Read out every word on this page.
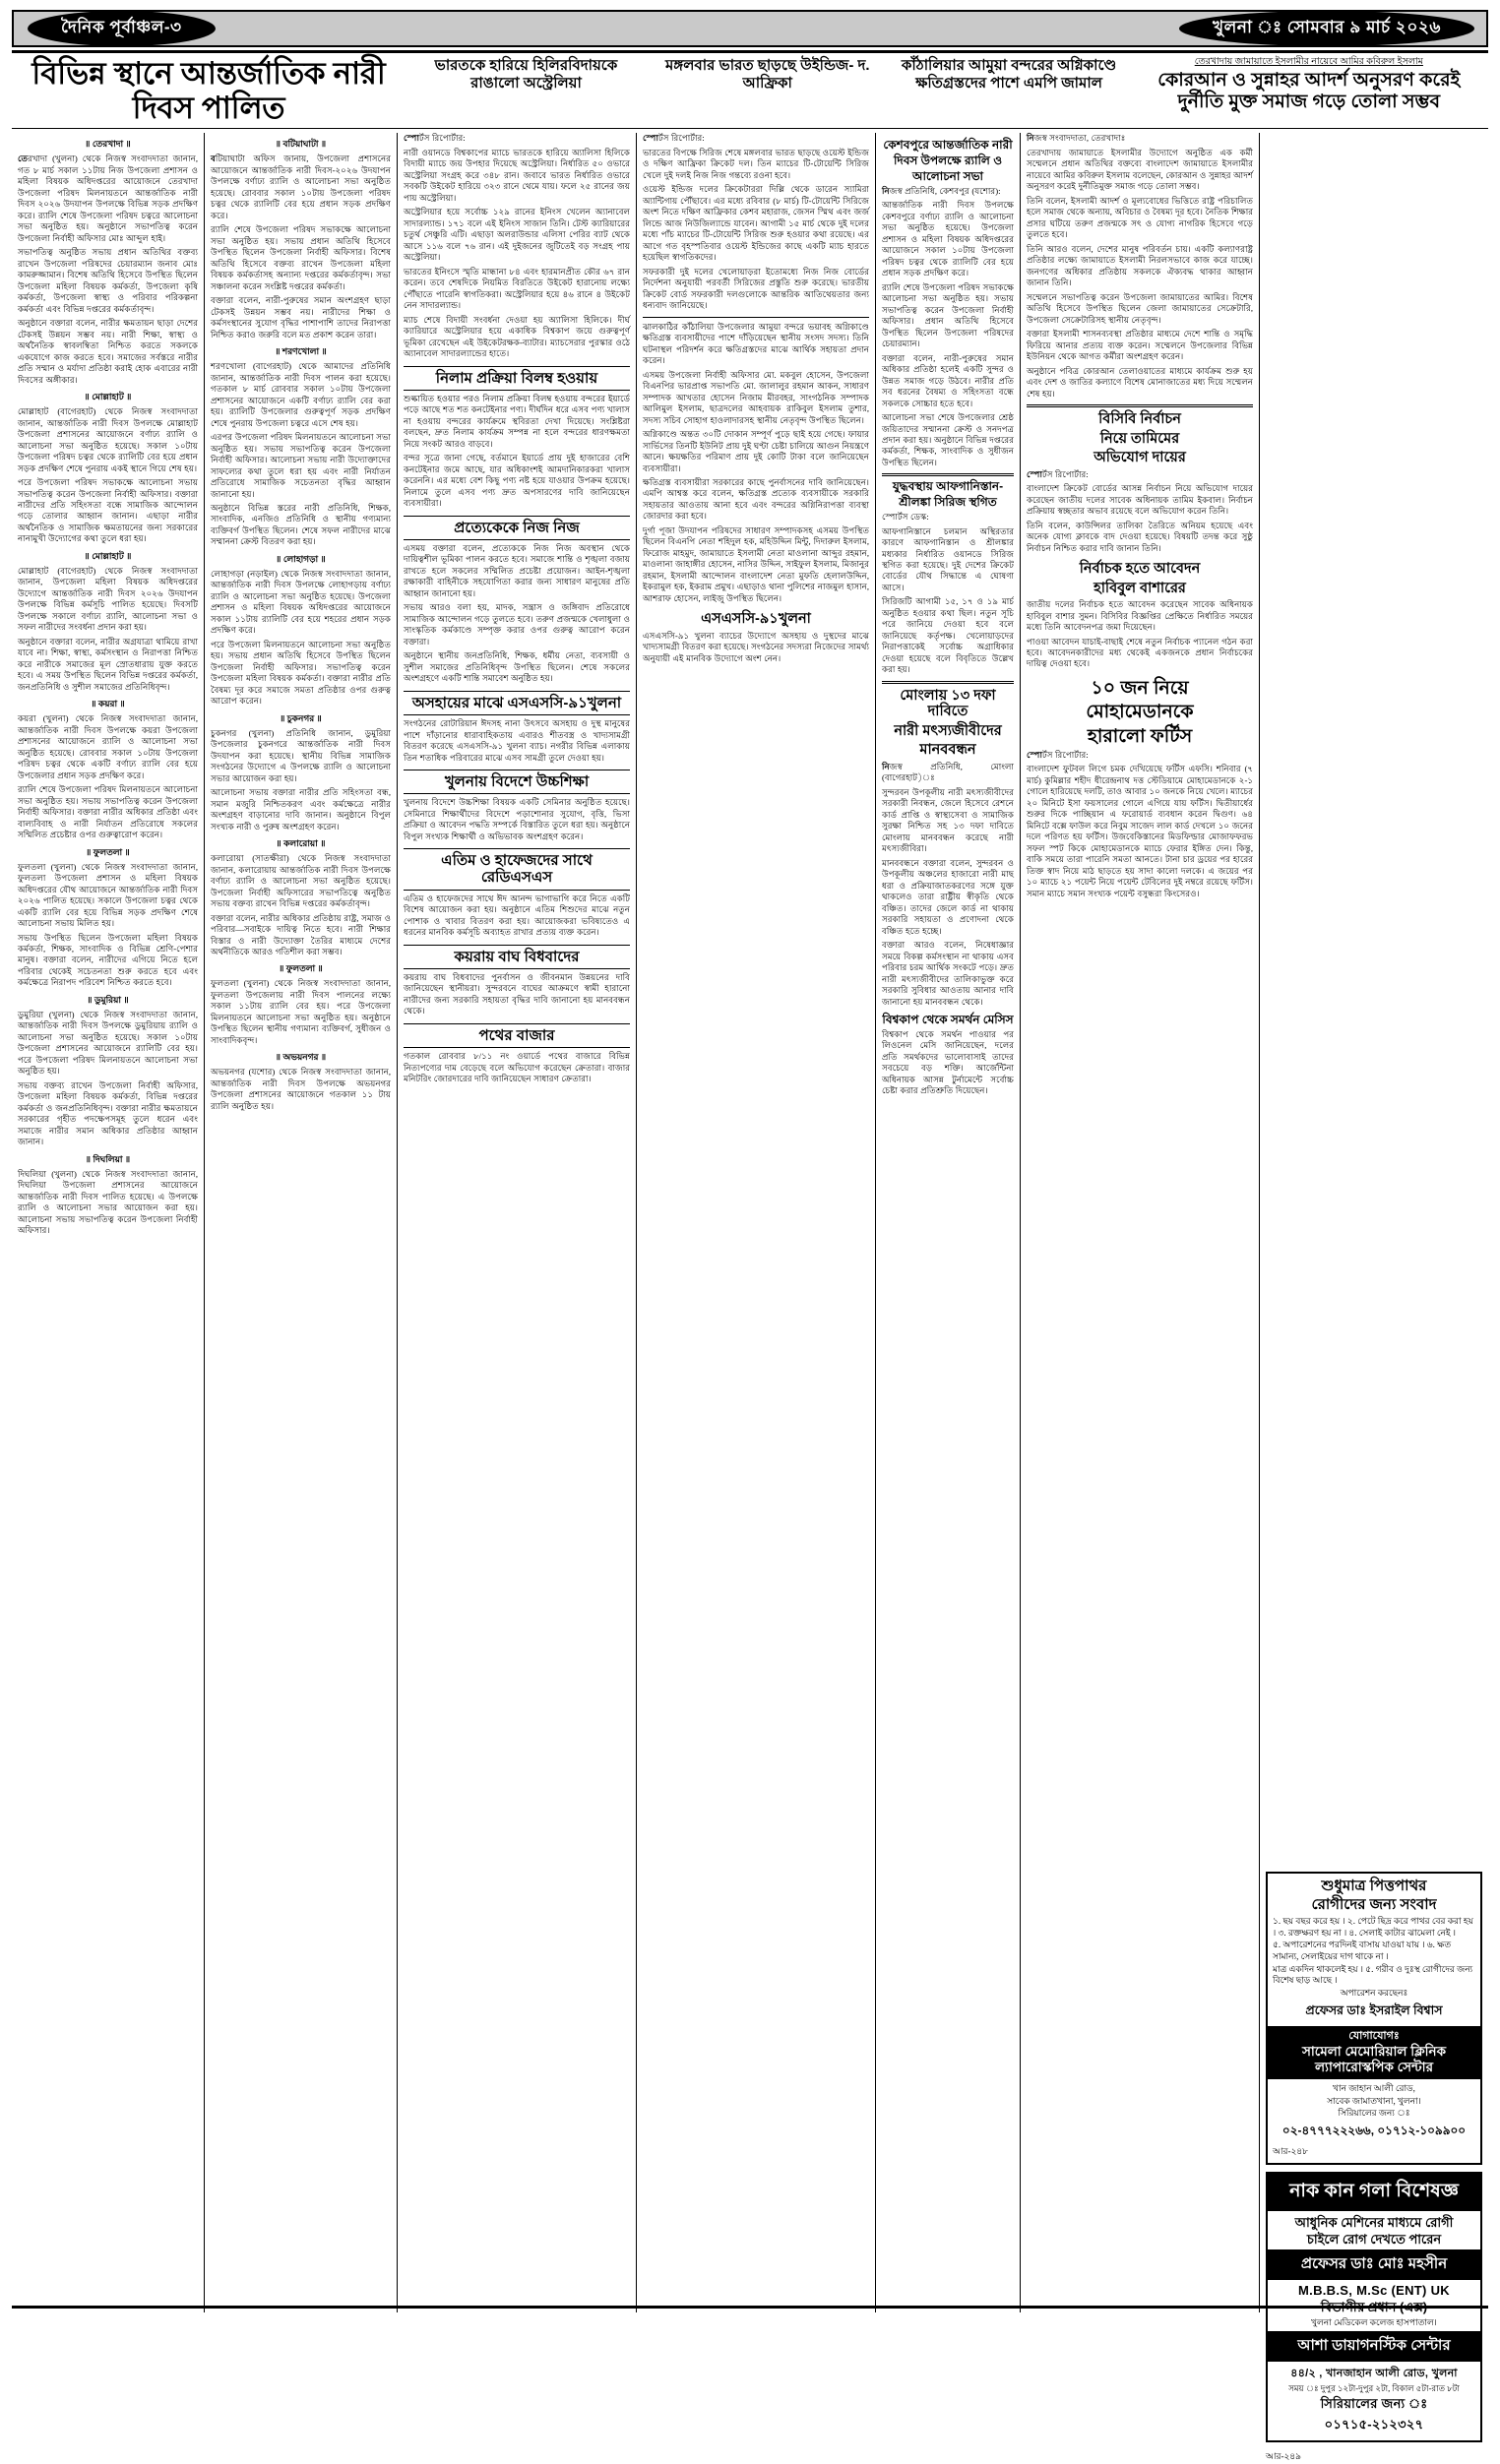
দৈনিক পূর্বাঞ্চল-৩	খুলনা ঃ সোমবার ৯ মার্চ ২০২৬
বিভিন্ন স্থানে আন্তর্জাতিক নারী দিবস পালিত
ভারতকে হারিয়ে হিলিরবিদায়কে রাঙালো অস্ট্রেলিয়া
মঙ্গলবার ভারত ছাড়ছে উইন্ডিজ- দ. আফ্রিকা
কাঁঠালিয়ার আমুয়া বন্দরের অগ্নিকাণ্ডে ক্ষতিগ্রস্তদের পাশে এমপি জামাল
তেরখাদায় জামায়াতে ইসলামীর নায়েবে আমির কবিরুল ইসলাম
কোরআন ও সুন্নাহর আদর্শ অনুসরণ করেই দুর্নীতি মুক্ত সমাজ গড়ে তোলা সম্ভব
॥ তেরখাদা ॥

তেরখাদা (খুলনা) থেকে নিজস্ব সংবাদদাতা জানান, গত ৮ মার্চ সকাল ১১টায় নিজ উপজেলা প্রশাসন ও মহিলা বিষয়ক অধিদপ্তরের আয়োজনে তেরখাদা উপজেলা পরিষদ মিলনায়তনে আন্তর্জাতিক নারী দিবস ২০২৬ উদযাপন উপলক্ষে বিভিন্ন সড়ক প্রদক্ষিণ করে। র‌্যালি শেষে উপজেলা পরিষদ চত্বরে আলোচনা সভা অনুষ্ঠিত হয়। অনুষ্ঠানে সভাপতিত্ব করেন উপজেলা নির্বাহী অফিসার মোঃ আব্দুল হাই।

সভাপতিত্ব অনুষ্ঠিত সভায় প্রধান অতিথির বক্তব্য রাখেন উপজেলা পরিষদের চেয়ারম্যান জনাব মোঃ কামরুজ্জামান। বিশেষ অতিথি হিসেবে উপস্থিত ছিলেন উপজেলা মহিলা বিষয়ক কর্মকর্তা, উপজেলা কৃষি কর্মকর্তা, উপজেলা স্বাস্থ্য ও পরিবার পরিকল্পনা কর্মকর্তা এবং বিভিন্ন দপ্তরের কর্মকর্তাবৃন্দ।

অনুষ্ঠানে বক্তারা বলেন, নারীর ক্ষমতায়ন ছাড়া দেশের টেকসই উন্নয়ন সম্ভব নয়। নারী শিক্ষা, স্বাস্থ্য ও অর্থনৈতিক স্বাবলম্বিতা নিশ্চিত করতে সকলকে একযোগে কাজ করতে হবে। সমাজের সর্বস্তরে নারীর প্রতি সম্মান ও মর্যাদা প্রতিষ্ঠা করাই হোক এবারের নারী দিবসের অঙ্গীকার।

॥ মোল্লাহাট ॥

মোল্লাহাট (বাগেরহাট) থেকে নিজস্ব সংবাদদাতা জানান, আন্তর্জাতিক নারী দিবস উপলক্ষে মোল্লাহাট উপজেলা প্রশাসনের আয়োজনে বর্ণাঢ্য র‌্যালি ও আলোচনা সভা অনুষ্ঠিত হয়েছে। সকাল ১০টায় উপজেলা পরিষদ চত্বর থেকে র‌্যালিটি বের হয়ে প্রধান সড়ক প্রদক্ষিণ শেষে পুনরায় একই স্থানে গিয়ে শেষ হয়।

পরে উপজেলা পরিষদ সভাকক্ষে আলোচনা সভায় সভাপতিত্ব করেন উপজেলা নির্বাহী অফিসার। বক্তারা নারীদের প্রতি সহিংসতা বন্ধে সামাজিক আন্দোলন গড়ে তোলার আহ্বান জানান। এছাড়া নারীর অর্থনৈতিক ও সামাজিক ক্ষমতায়নের জন্য সরকারের নানামুখী উদ্যোগের কথা তুলে ধরা হয়।

॥ মোল্লাহাট ॥

মোল্লাহাট (বাগেরহাট) থেকে নিজস্ব সংবাদদাতা জানান, উপজেলা মহিলা বিষয়ক অধিদপ্তরের উদ্যোগে আন্তর্জাতিক নারী দিবস ২০২৬ উদযাপন উপলক্ষে বিভিন্ন কর্মসূচি পালিত হয়েছে। দিবসটি উপলক্ষে সকালে বর্ণাঢ্য র‌্যালি, আলোচনা সভা ও সফল নারীদের সংবর্ধনা প্রদান করা হয়।

অনুষ্ঠানে বক্তারা বলেন, নারীর অগ্রযাত্রা থামিয়ে রাখা যাবে না। শিক্ষা, স্বাস্থ্য, কর্মসংস্থান ও নিরাপত্তা নিশ্চিত করে নারীকে সমাজের মূল স্রোতধারায় যুক্ত করতে হবে। এ সময় উপস্থিত ছিলেন বিভিন্ন দপ্তরের কর্মকর্তা, জনপ্রতিনিধি ও সুশীল সমাজের প্রতিনিধিবৃন্দ।

॥ কয়রা ॥

কয়রা (খুলনা) থেকে নিজস্ব সংবাদদাতা জানান, আন্তর্জাতিক নারী দিবস উপলক্ষে কয়রা উপজেলা প্রশাসনের আয়োজনে র‌্যালি ও আলোচনা সভা অনুষ্ঠিত হয়েছে। রোববার সকাল ১০টায় উপজেলা পরিষদ চত্বর থেকে একটি বর্ণাঢ্য র‌্যালি বের হয়ে উপজেলার প্রধান সড়ক প্রদক্ষিণ করে।

র‌্যালি শেষে উপজেলা পরিষদ মিলনায়তনে আলোচনা সভা অনুষ্ঠিত হয়। সভায় সভাপতিত্ব করেন উপজেলা নির্বাহী অফিসার। বক্তারা নারীর অধিকার প্রতিষ্ঠা এবং বাল্যবিবাহ ও নারী নির্যাতন প্রতিরোধে সকলের সম্মিলিত প্রচেষ্টার ওপর গুরুত্বারোপ করেন।

॥ ফুলতলা ॥

ফুলতলা (খুলনা) থেকে নিজস্ব সংবাদদাতা জানান, ফুলতলা উপজেলা প্রশাসন ও মহিলা বিষয়ক অধিদপ্তরের যৌথ আয়োজনে আন্তর্জাতিক নারী দিবস ২০২৬ পালিত হয়েছে। সকালে উপজেলা চত্বর থেকে একটি র‌্যালি বের হয়ে বিভিন্ন সড়ক প্রদক্ষিণ শেষে আলোচনা সভায় মিলিত হয়।

সভায় উপস্থিত ছিলেন উপজেলা মহিলা বিষয়ক কর্মকর্তা, শিক্ষক, সাংবাদিক ও বিভিন্ন শ্রেণি-পেশার মানুষ। বক্তারা বলেন, নারীদের এগিয়ে নিতে হলে পরিবার থেকেই সচেতনতা শুরু করতে হবে এবং কর্মক্ষেত্রে নিরাপদ পরিবেশ নিশ্চিত করতে হবে।

॥ ডুমুরিয়া ॥

ডুমুরিয়া (খুলনা) থেকে নিজস্ব সংবাদদাতা জানান, আন্তর্জাতিক নারী দিবস উপলক্ষে ডুমুরিয়ায় র‌্যালি ও আলোচনা সভা অনুষ্ঠিত হয়েছে। সকাল ১০টায় উপজেলা প্রশাসনের আয়োজনে র‌্যালিটি বের হয়। পরে উপজেলা পরিষদ মিলনায়তনে আলোচনা সভা অনুষ্ঠিত হয়।

সভায় বক্তব্য রাখেন উপজেলা নির্বাহী অফিসার, উপজেলা মহিলা বিষয়ক কর্মকর্তা, বিভিন্ন দপ্তরের কর্মকর্তা ও জনপ্রতিনিধিবৃন্দ। বক্তারা নারীর ক্ষমতায়নে সরকারের গৃহীত পদক্ষেপসমূহ তুলে ধরেন এবং সমাজে নারীর সমান অধিকার প্রতিষ্ঠার আহ্বান জানান।

॥ দিঘলিয়া ॥

দিঘলিয়া (খুলনা) থেকে নিজস্ব সংবাদদাতা জানান, দিঘলিয়া উপজেলা প্রশাসনের আয়োজনে আন্তর্জাতিক নারী দিবস পালিত হয়েছে। এ উপলক্ষে র‌্যালি ও আলোচনা সভার আয়োজন করা হয়। আলোচনা সভায় সভাপতিত্ব করেন উপজেলা নির্বাহী অফিসার।

॥ বটিয়াঘাটা ॥

বটিয়াঘাটা অফিস জানায়, উপজেলা প্রশাসনের আয়োজনে আন্তর্জাতিক নারী দিবস-২০২৬ উদযাপন উপলক্ষে বর্ণাঢ্য র‌্যালি ও আলোচনা সভা অনুষ্ঠিত হয়েছে। রোববার সকাল ১০টায় উপজেলা পরিষদ চত্বর থেকে র‌্যালিটি বের হয়ে প্রধান সড়ক প্রদক্ষিণ করে।

র‌্যালি শেষে উপজেলা পরিষদ সভাকক্ষে আলোচনা সভা অনুষ্ঠিত হয়। সভায় প্রধান অতিথি হিসেবে উপস্থিত ছিলেন উপজেলা নির্বাহী অফিসার। বিশেষ অতিথি হিসেবে বক্তব্য রাখেন উপজেলা মহিলা বিষয়ক কর্মকর্তাসহ অন্যান্য দপ্তরের কর্মকর্তাবৃন্দ। সভা সঞ্চালনা করেন সংশ্লিষ্ট দপ্তরের কর্মকর্তা।

বক্তারা বলেন, নারী-পুরুষের সমান অংশগ্রহণ ছাড়া টেকসই উন্নয়ন সম্ভব নয়। নারীদের শিক্ষা ও কর্মসংস্থানের সুযোগ বৃদ্ধির পাশাপাশি তাদের নিরাপত্তা নিশ্চিত করাও জরুরি বলে মত প্রকাশ করেন তারা।

॥ শরণখোলা ॥

শরণখোলা (বাগেরহাট) থেকে আমাদের প্রতিনিধি জানান, আন্তর্জাতিক নারী দিবস পালন করা হয়েছে। গতকাল ৮ মার্চ রোববার সকাল ১০টায় উপজেলা প্রশাসনের আয়োজনে একটি বর্ণাঢ্য র‌্যালি বের করা হয়। র‌্যালিটি উপজেলার গুরুত্বপূর্ণ সড়ক প্রদক্ষিণ শেষে পুনরায় উপজেলা চত্বরে এসে শেষ হয়।

এরপর উপজেলা পরিষদ মিলনায়তনে আলোচনা সভা অনুষ্ঠিত হয়। সভায় সভাপতিত্ব করেন উপজেলা নির্বাহী অফিসার। আলোচনা সভায় নারী উদ্যোক্তাদের সাফল্যের কথা তুলে ধরা হয় এবং নারী নির্যাতন প্রতিরোধে সামাজিক সচেতনতা বৃদ্ধির আহ্বান জানানো হয়।

অনুষ্ঠানে বিভিন্ন স্তরের নারী প্রতিনিধি, শিক্ষক, সাংবাদিক, এনজিও প্রতিনিধি ও স্থানীয় গণ্যমান্য ব্যক্তিবর্গ উপস্থিত ছিলেন। শেষে সফল নারীদের মাঝে সম্মাননা ক্রেস্ট বিতরণ করা হয়।

॥ লোহাগড়া ॥

লোহাগড়া (নড়াইল) থেকে নিজস্ব সংবাদদাতা জানান, আন্তর্জাতিক নারী দিবস উপলক্ষে লোহাগড়ায় বর্ণাঢ্য র‌্যালি ও আলোচনা সভা অনুষ্ঠিত হয়েছে। উপজেলা প্রশাসন ও মহিলা বিষয়ক অধিদপ্তরের আয়োজনে সকাল ১১টায় র‌্যালিটি বের হয়ে শহরের প্রধান সড়ক প্রদক্ষিণ করে।

পরে উপজেলা মিলনায়তনে আলোচনা সভা অনুষ্ঠিত হয়। সভায় প্রধান অতিথি হিসেবে উপস্থিত ছিলেন উপজেলা নির্বাহী অফিসার। সভাপতিত্ব করেন উপজেলা মহিলা বিষয়ক কর্মকর্তা। বক্তারা নারীর প্রতি বৈষম্য দূর করে সমাজে সমতা প্রতিষ্ঠার ওপর গুরুত্ব আরোপ করেন।

॥ চুকনগর ॥

চুকনগর (খুলনা) প্রতিনিধি জানান, ডুমুরিয়া উপজেলার চুকনগরে আন্তর্জাতিক নারী দিবস উদযাপন করা হয়েছে। স্থানীয় বিভিন্ন সামাজিক সংগঠনের উদ্যোগে এ উপলক্ষে র‌্যালি ও আলোচনা সভার আয়োজন করা হয়।

আলোচনা সভায় বক্তারা নারীর প্রতি সহিংসতা বন্ধ, সমান মজুরি নিশ্চিতকরণ এবং কর্মক্ষেত্রে নারীর অংশগ্রহণ বাড়ানোর দাবি জানান। অনুষ্ঠানে বিপুল সংখ্যক নারী ও পুরুষ অংশগ্রহণ করেন।

॥ কলারোয়া ॥

কলারোয়া (সাতক্ষীরা) থেকে নিজস্ব সংবাদদাতা জানান, কলারোয়ায় আন্তর্জাতিক নারী দিবস উপলক্ষে বর্ণাঢ্য র‌্যালি ও আলোচনা সভা অনুষ্ঠিত হয়েছে। উপজেলা নির্বাহী অফিসারের সভাপতিত্বে অনুষ্ঠিত সভায় বক্তব্য রাখেন বিভিন্ন দপ্তরের কর্মকর্তাবৃন্দ।

বক্তারা বলেন, নারীর অধিকার প্রতিষ্ঠায় রাষ্ট্র, সমাজ ও পরিবার—সবাইকে দায়িত্ব নিতে হবে। নারী শিক্ষার বিস্তার ও নারী উদ্যোক্তা তৈরির মাধ্যমে দেশের অর্থনীতিকে আরও গতিশীল করা সম্ভব।

॥ ফুলতলা ॥

ফুলতলা (খুলনা) থেকে নিজস্ব সংবাদদাতা জানান, ফুলতলা উপজেলায় নারী দিবস পালনের লক্ষ্যে সকাল ১১টায় র‌্যালি বের হয়। পরে উপজেলা মিলনায়তনে আলোচনা সভা অনুষ্ঠিত হয়। অনুষ্ঠানে উপস্থিত ছিলেন স্থানীয় গণ্যমান্য ব্যক্তিবর্গ, সুধীজন ও সাংবাদিকবৃন্দ।

॥ অভয়নগর ॥

অভয়নগর (যশোর) থেকে নিজস্ব সংবাদদাতা জানান, আন্তর্জাতিক নারী দিবস উপলক্ষে অভয়নগর উপজেলা প্রশাসনের আয়োজনে গতকাল ১১ টায় র‌্যালি অনুষ্ঠিত হয়।

স্পোর্টস রিপোর্টার:

নারী ওয়ানডে বিশ্বকাপের ম্যাচে ভারতকে হারিয়ে অ্যালিসা হিলিকে বিদায়ী ম্যাচে জয় উপহার দিয়েছে অস্ট্রেলিয়া। নির্ধারিত ৫০ ওভারে অস্ট্রেলিয়া সংগ্রহ করে ৩৪৮ রান। জবাবে ভারত নির্ধারিত ওভারে সবকটি উইকেট হারিয়ে ৩২৩ রানে থেমে যায়। ফলে ২৫ রানের জয় পায় অস্ট্রেলিয়া।

অস্ট্রেলিয়ার হয়ে সর্বোচ্চ ১২৯ রানের ইনিংস খেলেন অ্যানাবেল সাদারল্যান্ড। ১৭১ বলে এই ইনিংস সাজান তিনি। টেস্ট ক্যারিয়ারের চতুর্থ সেঞ্চুরি এটি। এছাড়া অলরাউন্ডার এলিসা পেরির ব্যাট থেকে আসে ১১৬ বলে ৭৬ রান। এই দুইজনের জুটিতেই বড় সংগ্রহ পায় অস্ট্রেলিয়া।

ভারতের ইনিংসে স্মৃতি মান্ধানা ৮৪ এবং হারমানপ্রীত কৌর ৬৭ রান করেন। তবে শেষদিকে নিয়মিত বিরতিতে উইকেট হারানোয় লক্ষ্যে পৌঁছাতে পারেনি স্বাগতিকরা। অস্ট্রেলিয়ার হয়ে ৪৬ রানে ৪ উইকেট নেন সাদারল্যান্ড।

ম্যাচ শেষে বিদায়ী সংবর্ধনা দেওয়া হয় অ্যালিসা হিলিকে। দীর্ঘ ক্যারিয়ারে অস্ট্রেলিয়ার হয়ে একাধিক বিশ্বকাপ জয়ে গুরুত্বপূর্ণ ভূমিকা রেখেছেন এই উইকেটরক্ষক-ব্যাটার। ম্যাচসেরার পুরস্কার ওঠে অ্যানাবেল সাদারল্যান্ডের হাতে।

নিলাম প্রক্রিয়া বিলম্ব হওয়ায়

শুল্কায়িত হওয়ার পরও নিলাম প্রক্রিয়া বিলম্ব হওয়ায় বন্দরের ইয়ার্ডে পড়ে আছে শত শত কনটেইনার পণ্য। দীর্ঘদিন ধরে এসব পণ্য খালাস না হওয়ায় বন্দরের কার্যক্রমে স্থবিরতা দেখা দিয়েছে। সংশ্লিষ্টরা বলছেন, দ্রুত নিলাম কার্যক্রম সম্পন্ন না হলে বন্দরের ধারণক্ষমতা নিয়ে সংকট আরও বাড়বে।

বন্দর সূত্রে জানা গেছে, বর্তমানে ইয়ার্ডে প্রায় দুই হাজারের বেশি কনটেইনার জমে আছে, যার অধিকাংশই আমদানিকারকরা খালাস করেননি। এর মধ্যে বেশ কিছু পণ্য নষ্ট হয়ে যাওয়ার উপক্রম হয়েছে। নিলামে তুলে এসব পণ্য দ্রুত অপসারণের দাবি জানিয়েছেন ব্যবসায়ীরা।

প্রত্যেকেকে নিজ নিজ

এসময় বক্তারা বলেন, প্রত্যেককে নিজ নিজ অবস্থান থেকে দায়িত্বশীল ভূমিকা পালন করতে হবে। সমাজে শান্তি ও শৃঙ্খলা বজায় রাখতে হলে সকলের সম্মিলিত প্রচেষ্টা প্রয়োজন। আইন-শৃঙ্খলা রক্ষাকারী বাহিনীকে সহযোগিতা করার জন্য সাধারণ মানুষের প্রতি আহ্বান জানানো হয়।

সভায় আরও বলা হয়, মাদক, সন্ত্রাস ও জঙ্গিবাদ প্রতিরোধে সামাজিক আন্দোলন গড়ে তুলতে হবে। তরুণ প্রজন্মকে খেলাধুলা ও সাংস্কৃতিক কর্মকাণ্ডে সম্পৃক্ত করার ওপর গুরুত্ব আরোপ করেন বক্তারা।

অনুষ্ঠানে স্থানীয় জনপ্রতিনিধি, শিক্ষক, ধর্মীয় নেতা, ব্যবসায়ী ও সুশীল সমাজের প্রতিনিধিবৃন্দ উপস্থিত ছিলেন। শেষে সকলের অংশগ্রহণে একটি শান্তি সমাবেশ অনুষ্ঠিত হয়।

অসহায়ের মাঝে এসএসসি-৯১খুলনা

সংগঠনের রোটারিয়ান ঈদসহ নানা উৎসবে অসহায় ও দুস্থ মানুষের পাশে দাঁড়ানোর ধারাবাহিকতায় এবারও শীতবস্ত্র ও খাদ্যসামগ্রী বিতরণ করেছে এসএসসি-৯১ খুলনা ব্যাচ। নগরীর বিভিন্ন এলাকায় তিন শতাধিক পরিবারের মাঝে এসব সামগ্রী তুলে দেওয়া হয়।

খুলনায় বিদেশে উচ্চশিক্ষা

খুলনায় বিদেশে উচ্চশিক্ষা বিষয়ক একটি সেমিনার অনুষ্ঠিত হয়েছে। সেমিনারে শিক্ষার্থীদের বিদেশে পড়াশোনার সুযোগ, বৃত্তি, ভিসা প্রক্রিয়া ও আবেদন পদ্ধতি সম্পর্কে বিস্তারিত তুলে ধরা হয়। অনুষ্ঠানে বিপুল সংখ্যক শিক্ষার্থী ও অভিভাবক অংশগ্রহণ করেন।

এতিম ও হাফেজদের সাথে রেডিএসএস

এতিম ও হাফেজদের সাথে ঈদ আনন্দ ভাগাভাগি করে নিতে একটি বিশেষ আয়োজন করা হয়। অনুষ্ঠানে এতিম শিশুদের মাঝে নতুন পোশাক ও খাবার বিতরণ করা হয়। আয়োজকরা ভবিষ্যতেও এ ধরনের মানবিক কর্মসূচি অব্যাহত রাখার প্রত্যয় ব্যক্ত করেন।

কয়রায় বাঘ বিধবাদের

কয়রায় বাঘ বিধবাদের পুনর্বাসন ও জীবনমান উন্নয়নের দাবি জানিয়েছেন স্থানীয়রা। সুন্দরবনে বাঘের আক্রমণে স্বামী হারানো নারীদের জন্য সরকারি সহায়তা বৃদ্ধির দাবি জানানো হয় মানববন্ধন থেকে।

পথের বাজার

গতকাল রোববার ৮/১১ নং ওয়ার্ডে পথের বাজারে বিভিন্ন নিত্যপণ্যের দাম বেড়েছে বলে অভিযোগ করেছেন ক্রেতারা। বাজার মনিটরিং জোরদারের দাবি জানিয়েছেন সাধারণ ক্রেতারা।

স্পোর্টস রিপোর্টার:

ভারতের বিপক্ষে সিরিজ শেষে মঙ্গলবার ভারত ছাড়ছে ওয়েস্ট ইন্ডিজ ও দক্ষিণ আফ্রিকা ক্রিকেট দল। তিন ম্যাচের টি-টোয়েন্টি সিরিজ খেলে দুই দলই নিজ নিজ গন্তব্যে রওনা হবে।

ওয়েস্ট ইন্ডিজ দলের ক্রিকেটাররা দিল্লি থেকে ডারেন স্যামিরা অ্যান্টিগায় পৌঁছাবে। এর মধ্যে রবিবার (৮ মার্চ) টি-টোয়েন্টি সিরিজে অংশ নিতে দক্ষিণ আফ্রিকার কেশব মহারাজ, জেসন স্মিথ এবং জর্জ লিন্ডে আজ নিউজিল্যান্ডে যাবেন। আগামী ১৫ মার্চ থেকে দুই দলের মধ্যে পাঁচ ম্যাচের টি-টোয়েন্টি সিরিজ শুরু হওয়ার কথা রয়েছে। এর আগে গত বৃহস্পতিবার ওয়েস্ট ইন্ডিজের কাছে একটি ম্যাচ হারতে হয়েছিল স্বাগতিকদের।

সফরকারী দুই দলের খেলোয়াড়রা ইতোমধ্যে নিজ নিজ বোর্ডের নির্দেশনা অনুযায়ী পরবর্তী সিরিজের প্রস্তুতি শুরু করেছে। ভারতীয় ক্রিকেট বোর্ড সফরকারী দলগুলোকে আন্তরিক আতিথেয়তার জন্য ধন্যবাদ জানিয়েছে।

ঝালকাঠির কাঁঠালিয়া উপজেলার আমুয়া বন্দরে ভয়াবহ অগ্নিকাণ্ডে ক্ষতিগ্রস্ত ব্যবসায়ীদের পাশে দাঁড়িয়েছেন স্থানীয় সংসদ সদস্য। তিনি ঘটনাস্থল পরিদর্শন করে ক্ষতিগ্রস্তদের মাঝে আর্থিক সহায়তা প্রদান করেন।

এসময় উপজেলা নির্বাহী অফিসার মো. মকবুল হোসেন, উপজেলা বিএনপির ভারপ্রাপ্ত সভাপতি মো. জালালুর রহমান আকন, সাধারণ সম্পাদক আখতার হোসেন নিজাম মীরবহর, সাংগঠনিক সম্পাদক আলিমুল ইসলাম, ছাত্রদলের আহবায়ক রাকিবুল ইসলাম তুশার, সদস্য সচিব সোহাগ হাওলাদারসহ স্থানীয় নেতৃবৃন্দ উপস্থিত ছিলেন।

অগ্নিকাণ্ডে অন্তত ৩০টি দোকান সম্পূর্ণ পুড়ে ছাই হয়ে গেছে। ফায়ার সার্ভিসের তিনটি ইউনিট প্রায় দুই ঘণ্টা চেষ্টা চালিয়ে আগুন নিয়ন্ত্রণে আনে। ক্ষয়ক্ষতির পরিমাণ প্রায় দুই কোটি টাকা বলে জানিয়েছেন ব্যবসায়ীরা।

ক্ষতিগ্রস্ত ব্যবসায়ীরা সরকারের কাছে পুনর্বাসনের দাবি জানিয়েছেন। এমপি আশ্বস্ত করে বলেন, ক্ষতিগ্রস্ত প্রত্যেক ব্যবসায়ীকে সরকারি সহায়তার আওতায় আনা হবে এবং বন্দরের অগ্নিনিরাপত্তা ব্যবস্থা জোরদার করা হবে।

দুর্গা পূজা উদযাপন পরিষদের সাধারণ সম্পাদকসহ এসময় উপস্থিত ছিলেন বিএনপি নেতা শহিদুল হক, মহিউদ্দিন মিন্টু, দিদারুল ইসলাম, ফিরোজ মাহমুদ, জামায়াতে ইসলামী নেতা মাওলানা আব্দুর রহমান, মাওলানা জাহাঙ্গীর হোসেন, নাসির উদ্দিন, সাইফুল ইসলাম, মিজানুর রহমান, ইসলামী আন্দোলন বাংলাদেশ নেতা মুফতি হেলালউদ্দিন, ইকরামুল হক, ইকরাম প্রমুখ। এছাড়াও থানা পুলিশের নাজমুল হাসান, আশরাফ হোসেন, লাইজু উপস্থিত ছিলেন।

এসএসসি-৯১খুলনা

এসএসসি-৯১ খুলনা ব্যাচের উদ্যোগে অসহায় ও দুস্থদের মাঝে খাদ্যসামগ্রী বিতরণ করা হয়েছে। সংগঠনের সদস্যরা নিজেদের সামর্থ্য অনুযায়ী এই মানবিক উদ্যোগে অংশ নেন।

কেশবপুরে আন্তর্জাতিক নারী
দিবস উপলক্ষে র‌্যালি ও
আলোচনা সভা

নিজস্ব প্রতিনিধি, কেশবপুর (যশোর):

আন্তর্জাতিক নারী দিবস উপলক্ষে কেশবপুরে বর্ণাঢ্য র‌্যালি ও আলোচনা সভা অনুষ্ঠিত হয়েছে। উপজেলা প্রশাসন ও মহিলা বিষয়ক অধিদপ্তরের আয়োজনে সকাল ১০টায় উপজেলা পরিষদ চত্বর থেকে র‌্যালিটি বের হয়ে প্রধান সড়ক প্রদক্ষিণ করে।

র‌্যালি শেষে উপজেলা পরিষদ সভাকক্ষে আলোচনা সভা অনুষ্ঠিত হয়। সভায় সভাপতিত্ব করেন উপজেলা নির্বাহী অফিসার। প্রধান অতিথি হিসেবে উপস্থিত ছিলেন উপজেলা পরিষদের চেয়ারম্যান।

বক্তারা বলেন, নারী-পুরুষের সমান অধিকার প্রতিষ্ঠা হলেই একটি সুন্দর ও উন্নত সমাজ গড়ে উঠবে। নারীর প্রতি সব ধরনের বৈষম্য ও সহিংসতা বন্ধে সকলকে সোচ্চার হতে হবে।

আলোচনা সভা শেষে উপজেলার শ্রেষ্ঠ জয়িতাদের সম্মাননা ক্রেস্ট ও সনদপত্র প্রদান করা হয়। অনুষ্ঠানে বিভিন্ন দপ্তরের কর্মকর্তা, শিক্ষক, সাংবাদিক ও সুধীজন উপস্থিত ছিলেন।

যুদ্ধবস্থায় আফগানিস্তান-
শ্রীলঙ্কা সিরিজ স্থগিত

স্পোর্টস ডেস্ক:

আফগানিস্তানে চলমান অস্থিরতার কারণে আফগানিস্তান ও শ্রীলঙ্কার মধ্যকার নির্ধারিত ওয়ানডে সিরিজ স্থগিত করা হয়েছে। দুই দেশের ক্রিকেট বোর্ডের যৌথ সিদ্ধান্তে এ ঘোষণা আসে।

সিরিজটি আগামী ১৫, ১৭ ও ১৯ মার্চ অনুষ্ঠিত হওয়ার কথা ছিল। নতুন সূচি পরে জানিয়ে দেওয়া হবে বলে জানিয়েছে কর্তৃপক্ষ। খেলোয়াড়দের নিরাপত্তাকেই সর্বোচ্চ অগ্রাধিকার দেওয়া হয়েছে বলে বিবৃতিতে উল্লেখ করা হয়।

মোংলায় ১৩ দফা দাবিতে
নারী মৎস্যজীবীদের
মানববন্ধন

নিজস্ব প্রতিনিধি, মোংলা (বাগেরহাট)ঃ

সুন্দরবন উপকূলীয় নারী মৎস্যজীবীদের সরকারী নিবন্ধন, জেলে হিসেবে রেশনে কার্ড প্রাপ্তি ও স্বাস্থ্যসেবা ও সামাজিক সুরক্ষা নিশ্চিত সহ ১৩ দফা দাবিতে মোংলায় মানববন্ধন করেছে নারী মৎস্যজীবিরা।

মানববন্ধনে বক্তারা বলেন, সুন্দরবন ও উপকূলীয় অঞ্চলের হাজারো নারী মাছ ধরা ও প্রক্রিয়াজাতকরণের সঙ্গে যুক্ত থাকলেও তারা রাষ্ট্রীয় স্বীকৃতি থেকে বঞ্চিত। তাদের জেলে কার্ড না থাকায় সরকারি সহায়তা ও প্রণোদনা থেকে বঞ্চিত হতে হচ্ছে।

বক্তারা আরও বলেন, নিষেধাজ্ঞার সময়ে বিকল্প কর্মসংস্থান না থাকায় এসব পরিবার চরম আর্থিক সংকটে পড়ে। দ্রুত নারী মৎস্যজীবীদের তালিকাভুক্ত করে সরকারি সুবিধার আওতায় আনার দাবি জানানো হয় মানববন্ধন থেকে।

বিশ্বকাপ থেকে সমর্থন মেসিস

বিশ্বকাপ থেকে সমর্থন পাওয়ার পর লিওনেল মেসি জানিয়েছেন, দলের প্রতি সমর্থকদের ভালোবাসাই তাদের সবচেয়ে বড় শক্তি। আর্জেন্টিনা অধিনায়ক আসন্ন টুর্নামেন্টে সর্বোচ্চ চেষ্টা করার প্রতিশ্রুতি দিয়েছেন।

নিজস্ব সংবাদদাতা, তেরখাদাঃ

তেরখাদায় জামায়াতে ইসলামীর উদ্যোগে অনুষ্ঠিত এক কর্মী সম্মেলনে প্রধান অতিথির বক্তব্যে বাংলাদেশ জামায়াতে ইসলামীর নায়েবে আমির কবিরুল ইসলাম বলেছেন, কোরআন ও সুন্নাহর আদর্শ অনুসরণ করেই দুর্নীতিমুক্ত সমাজ গড়ে তোলা সম্ভব।

তিনি বলেন, ইসলামী আদর্শ ও মূল্যবোধের ভিত্তিতে রাষ্ট্র পরিচালিত হলে সমাজ থেকে অন্যায়, অবিচার ও বৈষম্য দূর হবে। নৈতিক শিক্ষার প্রসার ঘটিয়ে তরুণ প্রজন্মকে সৎ ও যোগ্য নাগরিক হিসেবে গড়ে তুলতে হবে।

তিনি আরও বলেন, দেশের মানুষ পরিবর্তন চায়। একটি কল্যাণরাষ্ট্র প্রতিষ্ঠার লক্ষ্যে জামায়াতে ইসলামী নিরলসভাবে কাজ করে যাচ্ছে। জনগণের অধিকার প্রতিষ্ঠায় সকলকে ঐক্যবদ্ধ থাকার আহ্বান জানান তিনি।

সম্মেলনে সভাপতিত্ব করেন উপজেলা জামায়াতের আমির। বিশেষ অতিথি হিসেবে উপস্থিত ছিলেন জেলা জামায়াতের সেক্রেটারি, উপজেলা সেক্রেটারিসহ স্থানীয় নেতৃবৃন্দ।

বক্তারা ইসলামী শাসনব্যবস্থা প্রতিষ্ঠার মাধ্যমে দেশে শান্তি ও সমৃদ্ধি ফিরিয়ে আনার প্রত্যয় ব্যক্ত করেন। সম্মেলনে উপজেলার বিভিন্ন ইউনিয়ন থেকে আগত কর্মীরা অংশগ্রহণ করেন।

অনুষ্ঠানে পবিত্র কোরআন তেলাওয়াতের মাধ্যমে কার্যক্রম শুরু হয় এবং দেশ ও জাতির কল্যাণে বিশেষ মোনাজাতের মধ্য দিয়ে সম্মেলন শেষ হয়।

বিসিবি নির্বাচন
নিয়ে তামিমের
অভিযোগ দায়ের

স্পোর্টস রিপোর্টার:

বাংলাদেশ ক্রিকেট বোর্ডের আসন্ন নির্বাচন নিয়ে অভিযোগ দায়ের করেছেন জাতীয় দলের সাবেক অধিনায়ক তামিম ইকবাল। নির্বাচন প্রক্রিয়ায় স্বচ্ছতার অভাব রয়েছে বলে অভিযোগ করেন তিনি।

তিনি বলেন, কাউন্সিলর তালিকা তৈরিতে অনিয়ম হয়েছে এবং অনেক যোগ্য ক্লাবকে বাদ দেওয়া হয়েছে। বিষয়টি তদন্ত করে সুষ্ঠু নির্বাচন নিশ্চিত করার দাবি জানান তিনি।

নির্বাচক হতে আবেদন
হাবিবুল বাশারের

জাতীয় দলের নির্বাচক হতে আবেদন করেছেন সাবেক অধিনায়ক হাবিবুল বাশার সুমন। বিসিবির বিজ্ঞপ্তির প্রেক্ষিতে নির্ধারিত সময়ের মধ্যে তিনি আবেদনপত্র জমা দিয়েছেন।

পাওয়া আবেদন যাচাই-বাছাই শেষে নতুন নির্বাচক প্যানেল গঠন করা হবে। আবেদনকারীদের মধ্য থেকেই একজনকে প্রধান নির্বাচকের দায়িত্ব দেওয়া হবে।

১০ জন নিয়ে
মোহামেডানকে
হারালো ফর্টিস

স্পোর্টস রিপোর্টার:

বাংলাদেশ ফুটবল লিগে চমক দেখিয়েছে ফর্টিস এফসি। শনিবার (৭ মার্চ) কুমিল্লার শহীদ ধীরেন্দ্রনাথ দত্ত স্টেডিয়ামে মোহামেডানকে ২-১ গোলে হারিয়েছে দলটি, তাও আবার ১০ জনকে নিয়ে খেলে। ম্যাচের ২০ মিনিটে ইসা ফয়সালের গোলে এগিয়ে যায় ফর্টিস। দ্বিতীয়ার্ধের শুরুর দিকে পাচ্ছিয়ান এ ফরোয়ার্ড ব্যবধান করেন দ্বিগুণ। ৬৪ মিনিটে বক্সে ফাউল করে নিবুম সাজেদ লাল কার্ড দেখলে ১০ জনের দলে পরিণত হয় ফর্টিস। উজবেকিস্তানের মিডফিল্ডার মোজাফফরভ সফল স্পট কিকে মোহামেডানকে ম্যাচে ফেরার ইঙ্গিত দেন। কিন্তু, বাকি সময়ে তারা পারেনি সমতা আনতে। টানা চার ড্রয়ের পর হারের তিক্ত স্বাদ নিয়ে মাঠ ছাড়তে হয় সাদা কালো দলকে। এ জয়ের পর ১০ ম্যাচে ২১ পয়েন্ট নিয়ে পয়েন্ট টেবিলের দুই নম্বরে রয়েছে ফর্টিস। সমান ম্যাচে সমান সংখ্যক পয়েন্ট বসুন্ধরা কিংসেরও।

শুধুমাত্র পিত্তপাথর
রোগীদের জন্য সংবাদ
১. ছয় বছর করে হয় । ২. পেটে ছিদ্র করে পাথর বের করা হয় । ৩. রক্তক্ষরণ হয় না । ৪. সেলাই কাটার ঝামেলা নেই ।
৫. অপারেশনের পরদিনই বাসায় যাওয়া যায় । ৬. ক্ষত সামান্য, সেলাইয়ের দাগ থাকে না ।
মাত্র একদিন থাকলেই হয় । ৫. গরীব ও দুঃস্থ রোগীদের জন্য বিশেষ ছাড় আছে ।
অপারেশন করছেনঃ
প্রফেসর ডাঃ ইসরাইল বিশ্বাস
যোগাযোগঃ
সামেলা মেমোরিয়াল ক্লিনিক
ল্যাপারোস্কপিক সেন্টার
খান জাহান আলী রোড,
সাবেক জামাতখানা, খুলনা।
সিরিয়ালের জন্য ঃ
০২-৪৭৭৭২২২৬৬, ০১৭১২-১০৯৯০০
আর-২৪৮
নাক কান গলা বিশেষজ্ঞ
আধুনিক মেশিনের মাধ্যমে রোগী
চাইলে রোগ দেখতে পারেন
প্রফেসর ডাঃ মোঃ মহসীন
M.B.B.S, M.Sc (ENT) UK
বিভাগীয় প্রধান (এক্স)
খুলনা মেডিকেল কলেজ হাসপাতাল।
আশা ডায়াগনস্টিক সেন্টার
৪৪/২ , খানজাহান আলী রোড, খুলনা
সময় ঃ দুপুর ১২টা-দুপুর ২টা, বিকাল ৫টা-রাত ৮টা
সিরিয়ালের জন্য ঃ ০১৭১৫-২১২৩২৭
আর-২৪৯
